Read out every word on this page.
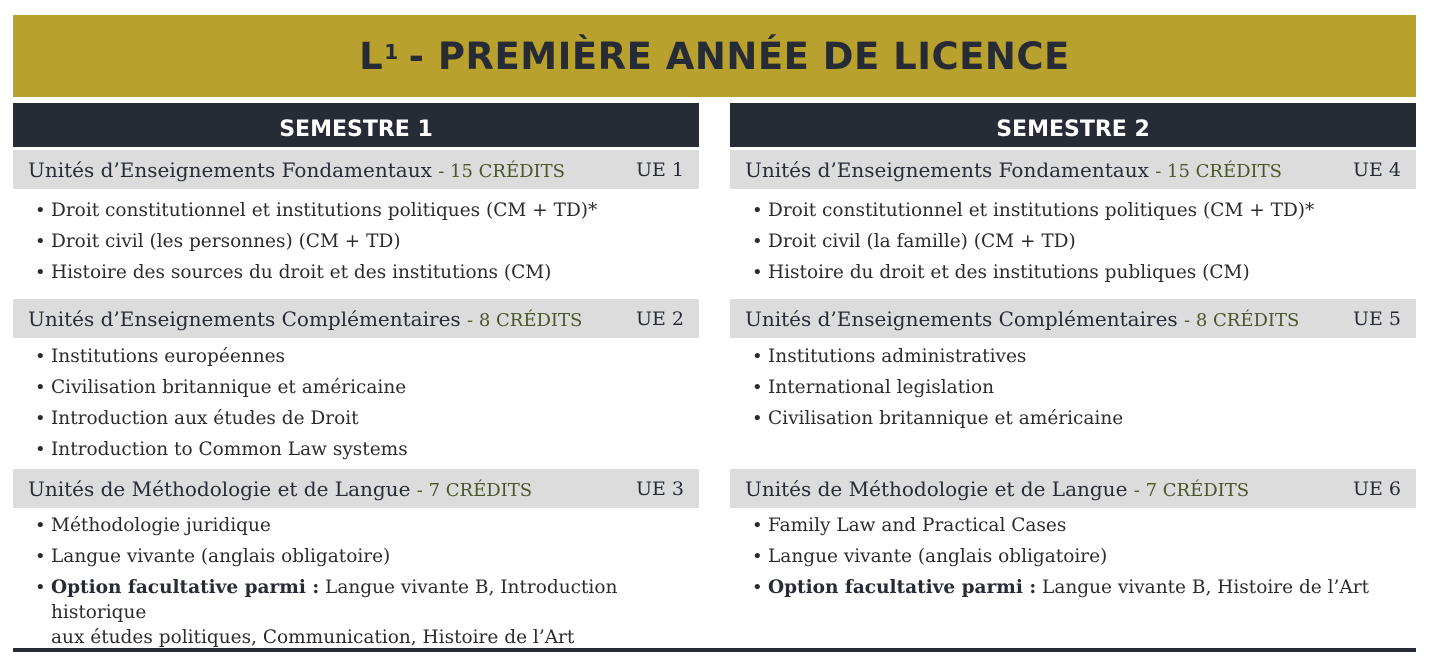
$L^1$ - PREMIÈRE ANNÉE DE LICENCE
SEMESTRE 1
Unités d’Enseignements Fondamentaux - 15 CRÉDITS	UE 1
• Droit constitutionnel et institutions politiques (CM + TD)*
• Droit civil (les personnes) (CM + TD)
• Histoire des sources du droit et des institutions (CM)
Unités d’Enseignements Complémentaires - 8 CRÉDITS	UE 2
• Institutions européennes
• Civilisation britannique et américaine
• Introduction aux études de Droit
• Introduction to Common Law systems
Unités de Méthodologie et de Langue - 7 CRÉDITS	UE 3
• Méthodologie juridique
• Langue vivante (anglais obligatoire)
• Option facultative parmi : Langue vivante B, Introduction historique
aux études politiques, Communication, Histoire de l’Art
SEMESTRE 2
Unités d’Enseignements Fondamentaux - 15 CRÉDITS	UE 4
• Droit constitutionnel et institutions politiques (CM + TD)*
• Droit civil (la famille) (CM + TD)
• Histoire du droit et des institutions publiques (CM)
Unités d’Enseignements Complémentaires - 8 CRÉDITS	UE 5
• Institutions administratives
• International legislation
• Civilisation britannique et américaine
Unités de Méthodologie et de Langue - 7 CRÉDITS	UE 6
• Family Law and Practical Cases
• Langue vivante (anglais obligatoire)
• Option facultative parmi : Langue vivante B, Histoire de l’Art
